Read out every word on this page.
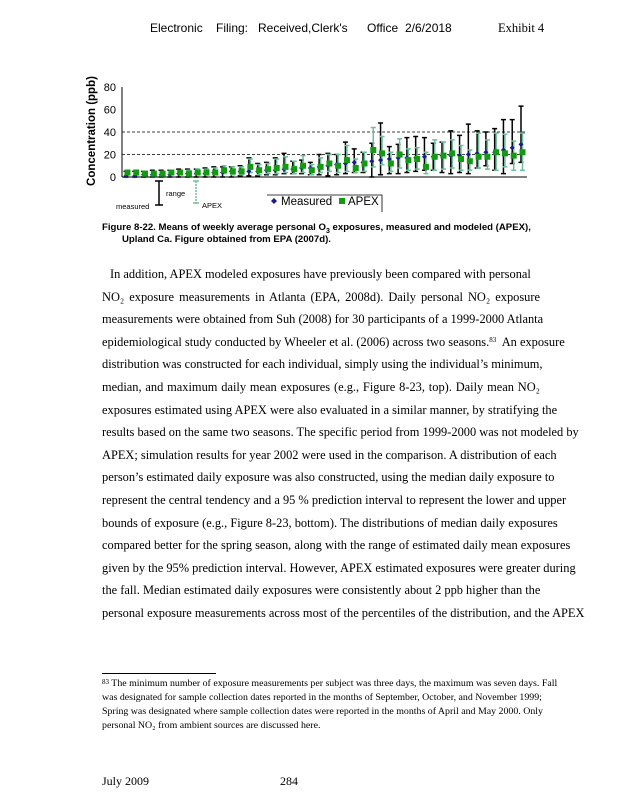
Electronic Filing: Received,Clerk's Office 2/6/2018	Exhibit 4
Concentration (ppb) 0
20
40
60
80
measured
range
APEX	Measured APEX
Figure 8-22. Means of weekly average personal $O_3$ exposures, measured and modeled (APEX),
Upland Ca. Figure obtained from EPA (2007d).
In addition, APEX modeled exposures have previously been compared with personal
NO₂ exposure measurements in Atlanta (EPA, 2008d). Daily personal NO₂ exposure
measurements were obtained from Suh (2008) for 30 participants of a 1999-2000 Atlanta
epidemiological study conducted by Wheeler et al. (2006) across two seasons.$^{83}$  An exposure
distribution was constructed for each individual, simply using the individual’s minimum,
median, and maximum daily mean exposures (e.g., Figure 8-23, top). Daily mean NO₂
exposures estimated using APEX were also evaluated in a similar manner, by stratifying the
results based on the same two seasons. The specific period from 1999-2000 was not modeled by
APEX; simulation results for year 2002 were used in the comparison. A distribution of each
person’s estimated daily exposure was also constructed, using the median daily exposure to
represent the central tendency and a 95 % prediction interval to represent the lower and upper
bounds of exposure (e.g., Figure 8-23, bottom). The distributions of median daily exposures
compared better for the spring season, along with the range of estimated daily mean exposures
given by the 95% prediction interval. However, APEX estimated exposures were greater during
the fall. Median estimated daily exposures were consistently about 2 ppb higher than the
personal exposure measurements across most of the percentiles of the distribution, and the APEX
$^{83}$ The minimum number of exposure measurements per subject was three days, the maximum was seven days. Fall
was designated for sample collection dates reported in the months of September, October, and November 1999;
Spring was designated where sample collection dates were reported in the months of April and May 2000. Only
personal NO₂ from ambient sources are discussed here.
July 2009	284
